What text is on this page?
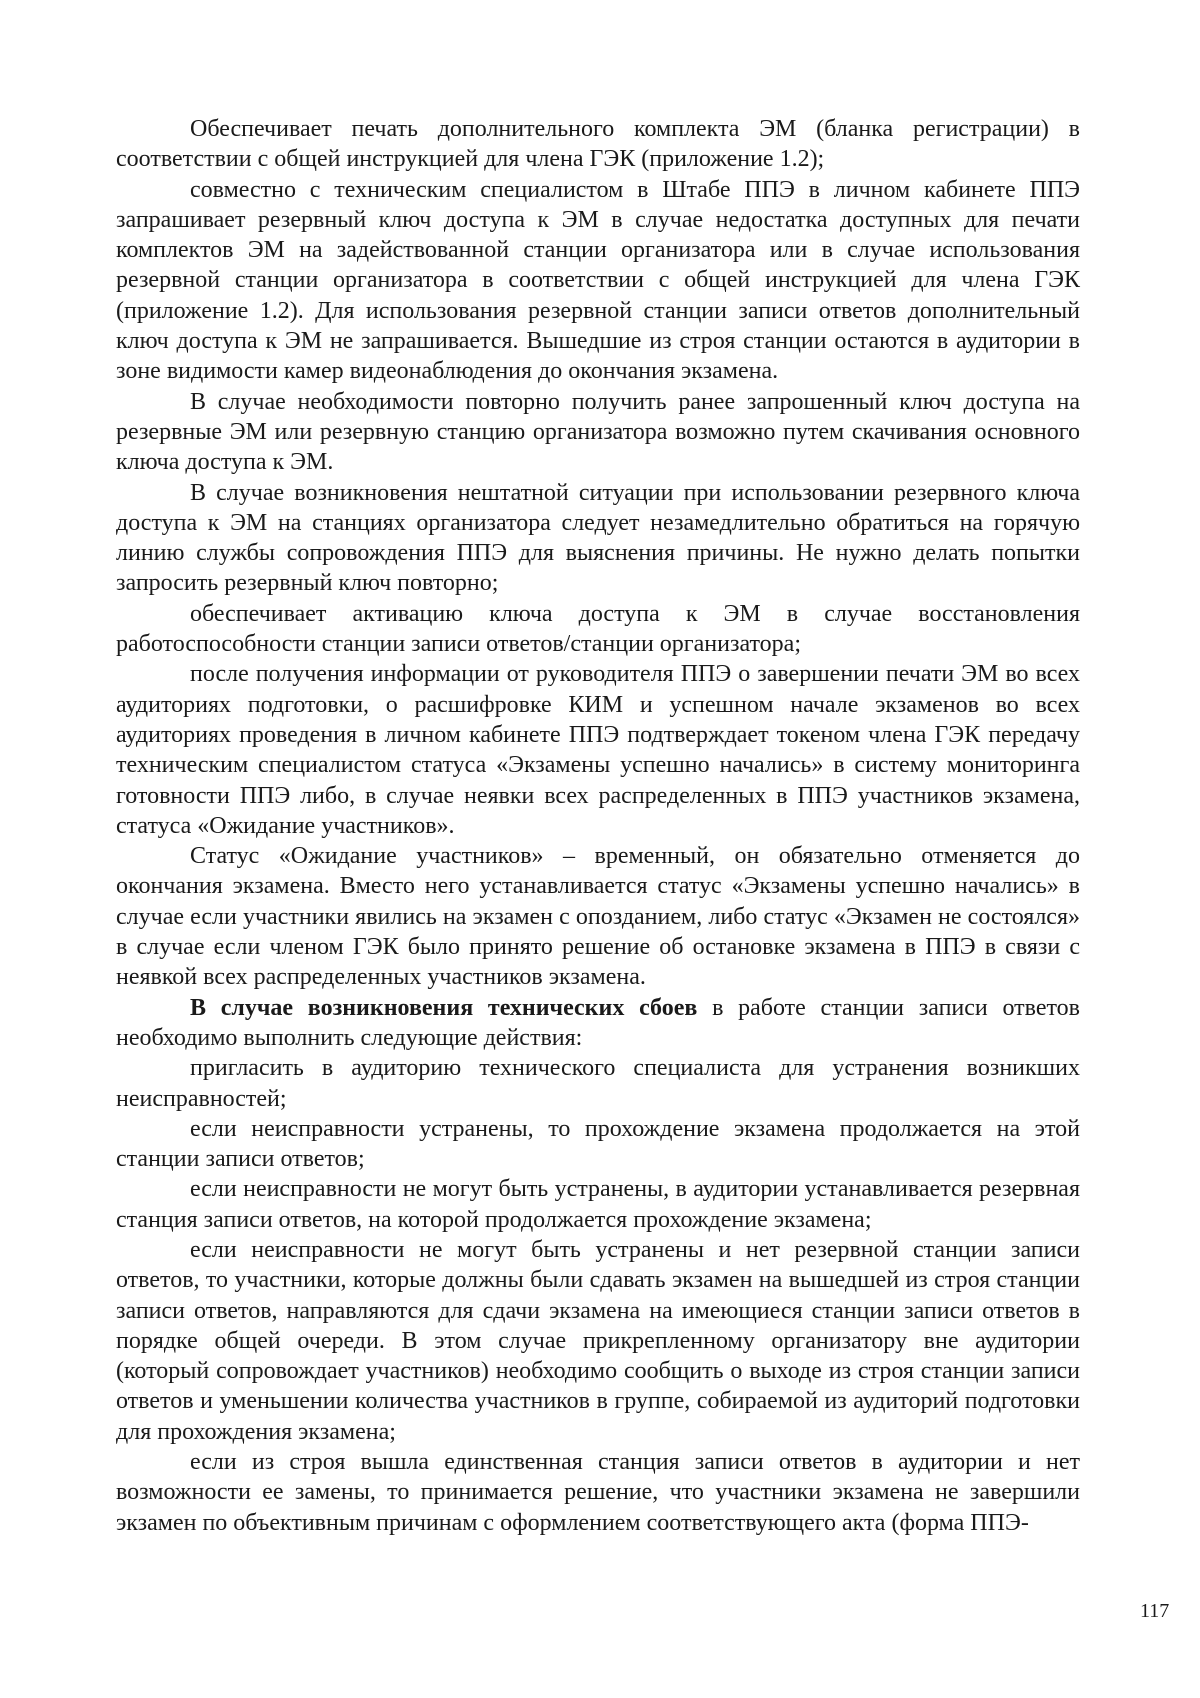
Обеспечивает печать дополнительного комплекта ЭМ (бланка регистрации) в соответствии с общей инструкцией для члена ГЭК (приложение 1.2);

совместно с техническим специалистом в Штабе ППЭ в личном кабинете ППЭ запрашивает резервный ключ доступа к ЭМ в случае недостатка доступных для печати комплектов ЭМ на задействованной станции организатора или в случае использования резервной станции организатора в соответствии с общей инструкцией для члена ГЭК (приложение 1.2). Для использования резервной станции записи ответов дополнительный ключ доступа к ЭМ не запрашивается. Вышедшие из строя станции остаются в аудитории в зоне видимости камер видеонаблюдения до окончания экзамена.

В случае необходимости повторно получить ранее запрошенный ключ доступа на резервные ЭМ или резервную станцию организатора возможно путем скачивания основного ключа доступа к ЭМ.

В случае возникновения нештатной ситуации при использовании резервного ключа доступа к ЭМ на станциях организатора следует незамедлительно обратиться на горячую линию службы сопровождения ППЭ для выяснения причины. Не нужно делать попытки запросить резервный ключ повторно;

обеспечивает активацию ключа доступа к ЭМ в случае восстановления работоспособности станции записи ответов/станции организатора;

после получения информации от руководителя ППЭ о завершении печати ЭМ во всех аудиториях подготовки, о расшифровке КИМ и успешном начале экзаменов во всех аудиториях проведения в личном кабинете ППЭ подтверждает токеном члена ГЭК передачу техническим специалистом статуса «Экзамены успешно начались» в систему мониторинга готовности ППЭ либо, в случае неявки всех распределенных в ППЭ участников экзамена, статуса «Ожидание участников».

Статус «Ожидание участников» – временный, он обязательно отменяется до окончания экзамена. Вместо него устанавливается статус «Экзамены успешно начались» в случае если участники явились на экзамен с опозданием, либо статус «Экзамен не состоялся» в случае если членом ГЭК было принято решение об остановке экзамена в ППЭ в связи с неявкой всех распределенных участников экзамена.

В случае возникновения технических сбоев в работе станции записи ответов необходимо выполнить следующие действия:

пригласить в аудиторию технического специалиста для устранения возникших неисправностей;

если неисправности устранены, то прохождение экзамена продолжается на этой станции записи ответов;

если неисправности не могут быть устранены, в аудитории устанавливается резервная станция записи ответов, на которой продолжается прохождение экзамена;

если неисправности не могут быть устранены и нет резервной станции записи ответов, то участники, которые должны были сдавать экзамен на вышедшей из строя станции записи ответов, направляются для сдачи экзамена на имеющиеся станции записи ответов в порядке общей очереди. В этом случае прикрепленному организатору вне аудитории (который сопровождает участников) необходимо сообщить о выходе из строя станции записи ответов и уменьшении количества участников в группе, собираемой из аудиторий подготовки для прохождения экзамена;

если из строя вышла единственная станция записи ответов в аудитории и нет возможности ее замены, то принимается решение, что участники экзамена не завершили экзамен по объективным причинам с оформлением соответствующего акта (форма ППЭ-

117
